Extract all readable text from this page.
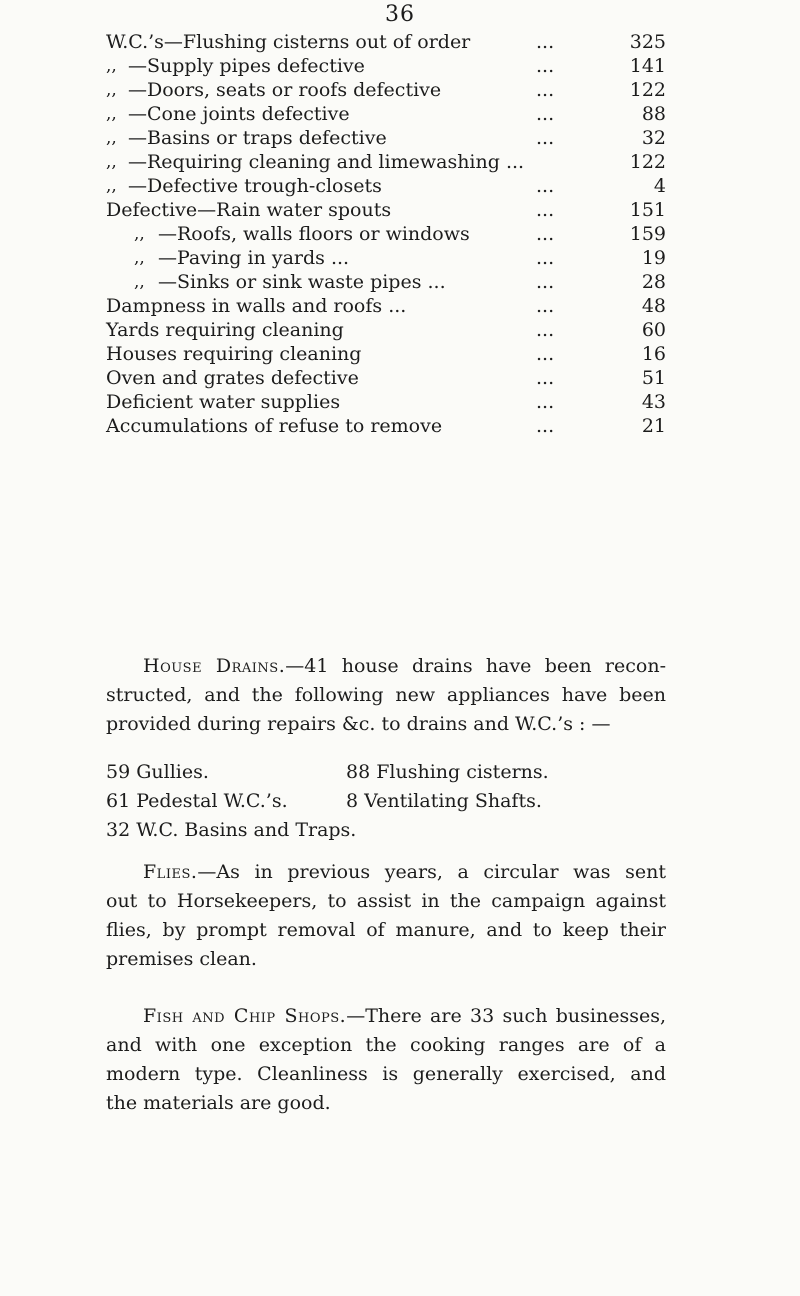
36
W.C.’s—Flushing cisterns out of order	...	325
,, —Supply pipes defective	...	141
,, —Doors, seats or roofs defective	...	122
,, —Cone joints defective	...	88
,, —Basins or traps defective	...	32
,, —Requiring cleaning and limewashing ...	122
,, —Defective trough-closets	...	4
Defective—Rain water spouts	...	151
,, —Roofs, walls floors or windows	...	159
,, —Paving in yards ...	...	19
,, —Sinks or sink waste pipes ...	...	28
Dampness in walls and roofs ...	...	48
Yards requiring cleaning	...	60
Houses requiring cleaning	...	16
Oven and grates defective	...	51
Deficient water supplies	...	43
Accumulations of refuse to remove	...	21
House Drains.—41 house drains have been recon-
structed, and the following new appliances have been
provided during repairs &c. to drains and W.C.’s : —
59 Gullies.	88 Flushing cisterns.
61 Pedestal W.C.’s.	8 Ventilating Shafts.
32 W.C. Basins and Traps.
Flies.—As in previous years, a circular was sent
out to Horsekeepers, to assist in the campaign against
flies, by prompt removal of manure, and to keep their
premises clean.
Fish and Chip Shops.—There are 33 such businesses,
and with one exception the cooking ranges are of a
modern type. Cleanliness is generally exercised, and
the materials are good.
